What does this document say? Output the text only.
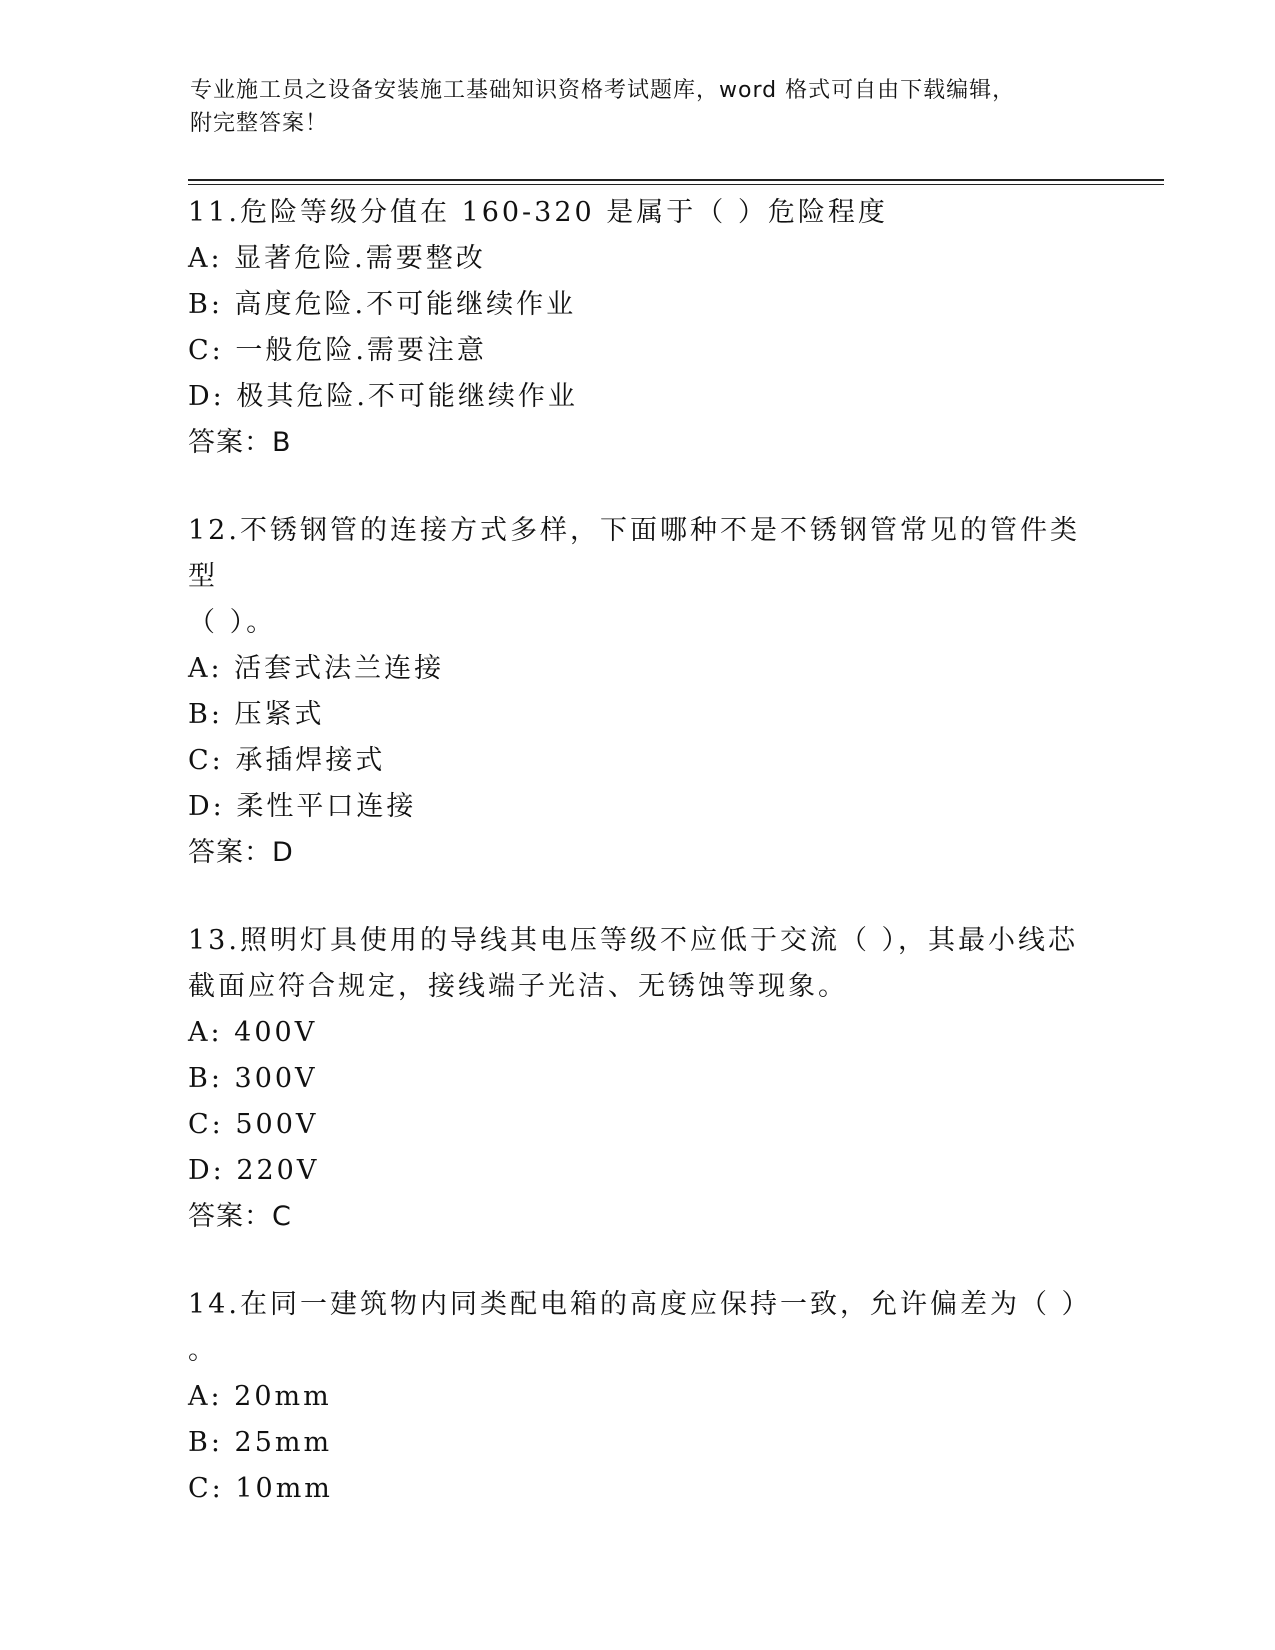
专业施工员之设备安装施工基础知识资格考试题库，word 格式可自由下载编辑，
附完整答案！
11.危险等级分值在 160-320 是属于（ ）危险程度
A: 显著危险.需要整改
B: 高度危险.不可能继续作业
C: 一般危险.需要注意
D: 极其危险.不可能继续作业
答案：B
12.不锈钢管的连接方式多样，下面哪种不是不锈钢管常见的管件类型
（ ）。
A: 活套式法兰连接
B: 压紧式
C: 承插焊接式
D: 柔性平口连接
答案：D
13.照明灯具使用的导线其电压等级不应低于交流（ ），其最小线芯
截面应符合规定，接线端子光洁、无锈蚀等现象。
A: 400V
B: 300V
C: 500V
D: 220V
答案：C
14.在同一建筑物内同类配电箱的高度应保持一致，允许偏差为（ ）
。
A: 20mm
B: 25mm
C: 10mm
